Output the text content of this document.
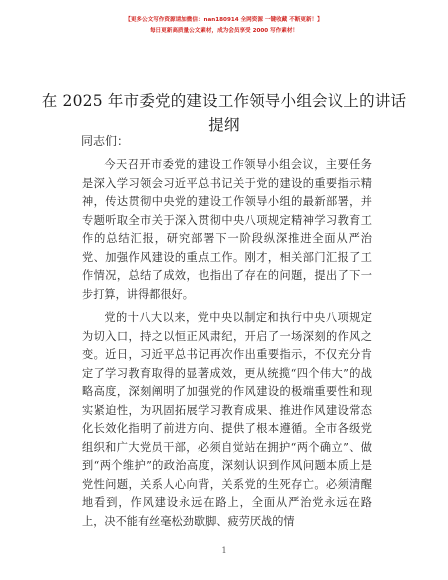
【更多公文写作资源请加微信：nan180914 全网资源 一键收藏 不断更新！】
每日更新高质量公文素材，成为会员享受 2000 写作素材！
在 2025 年市委党的建设工作领导小组会议上的讲话提纲
同志们：

今天召开市委党的建设工作领导小组会议，主要任务是深入学习领会习近平总书记关于党的建设的重要指示精神，传达贯彻中央党的建设工作领导小组的最新部署，并专题听取全市关于深入贯彻中央八项规定精神学习教育工作的总结汇报，研究部署下一阶段纵深推进全面从严治党、加强作风建设的重点工作。刚才，相关部门汇报了工作情况，总结了成效，也指出了存在的问题，提出了下一步打算，讲得都很好。

党的十八大以来，党中央以制定和执行中央八项规定为切入口，持之以恒正风肃纪，开启了一场深刻的作风之变。近日，习近平总书记再次作出重要指示，不仅充分肯定了学习教育取得的显著成效，更从统揽“四个伟大”的战略高度，深刻阐明了加强党的作风建设的极端重要性和现实紧迫性，为巩固拓展学习教育成果、推进作风建设常态化长效化指明了前进方向、提供了根本遵循。全市各级党组织和广大党员干部，必须自觉站在拥护“两个确立”、做到“两个维护”的政治高度，深刻认识到作风问题本质上是党性问题，关系人心向背，关系党的生死存亡。必须清醒地看到，作风建设永远在路上，全面从严治党永远在路上，决不能有丝毫松劲歇脚、疲劳厌战的情

1
